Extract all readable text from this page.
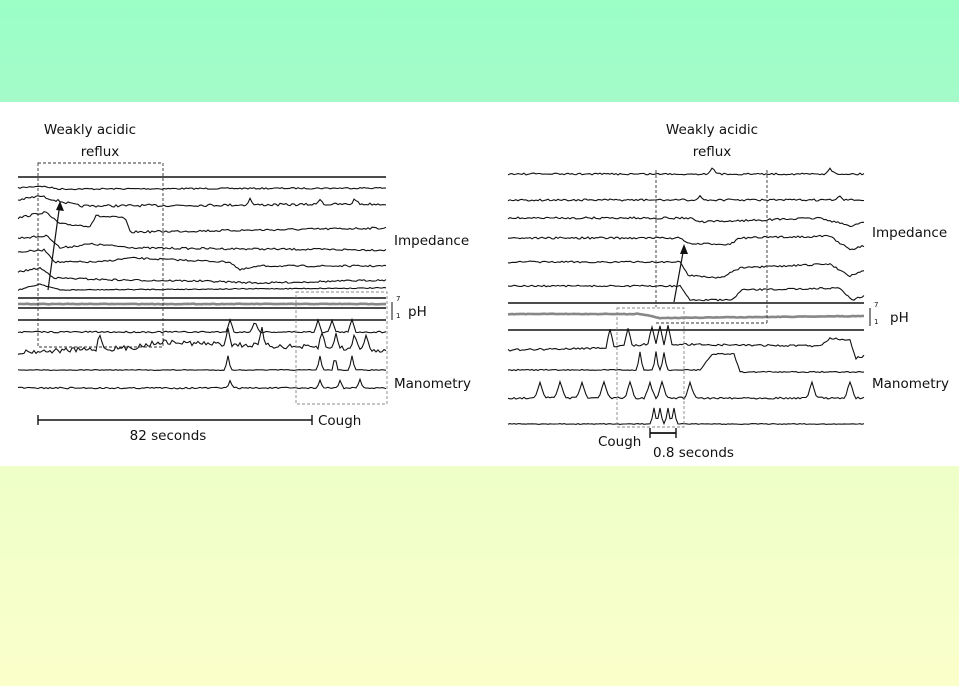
Weakly acidic
reflux
Impedance
7
1 pH
Manometry
Cough
82 seconds
Weakly acidic
reflux
Impedance
7
1 pH
Manometry
Cough
0.8 seconds
